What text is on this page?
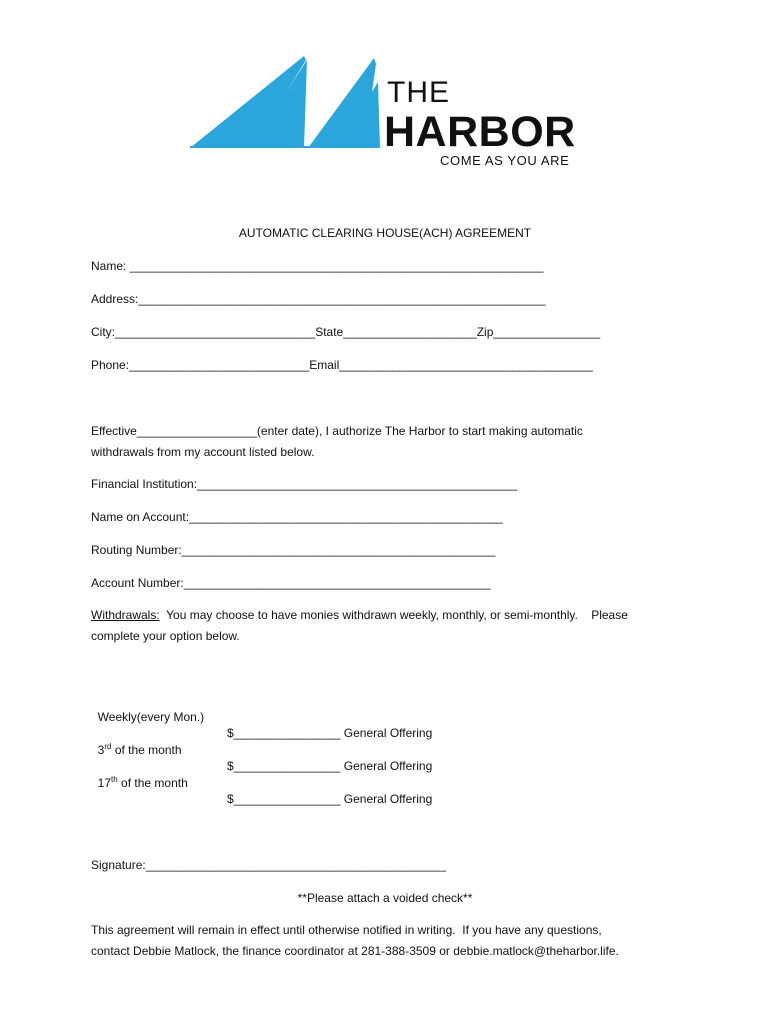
THE
HARBOR
COME AS YOU ARE
AUTOMATIC CLEARING HOUSE(ACH) AGREEMENT
Name: ______________________________________________________________
Address:_____________________________________________________________
City:______________________________State____________________Zip________________
Phone:___________________________Email______________________________________
Effective__________________(enter date), I authorize The Harbor to start making automatic
withdrawals from my account listed below.
Financial Institution:________________________________________________
Name on Account:_______________________________________________
Routing Number:_______________________________________________
Account Number:______________________________________________
Withdrawals:  You may choose to have monies withdrawn weekly, monthly, or semi-monthly.    Please
complete your option below.

Weekly(every Mon.)

$________________ General Offering

3rd of the month

$________________ General Offering

17th of the month

$________________ General Offering

Signature:_____________________________________________
**Please attach a voided check**
This agreement will remain in effect until otherwise notified in writing.  If you have any questions,
contact Debbie Matlock, the finance coordinator at 281-388-3509 or debbie.matlock@theharbor.life.
